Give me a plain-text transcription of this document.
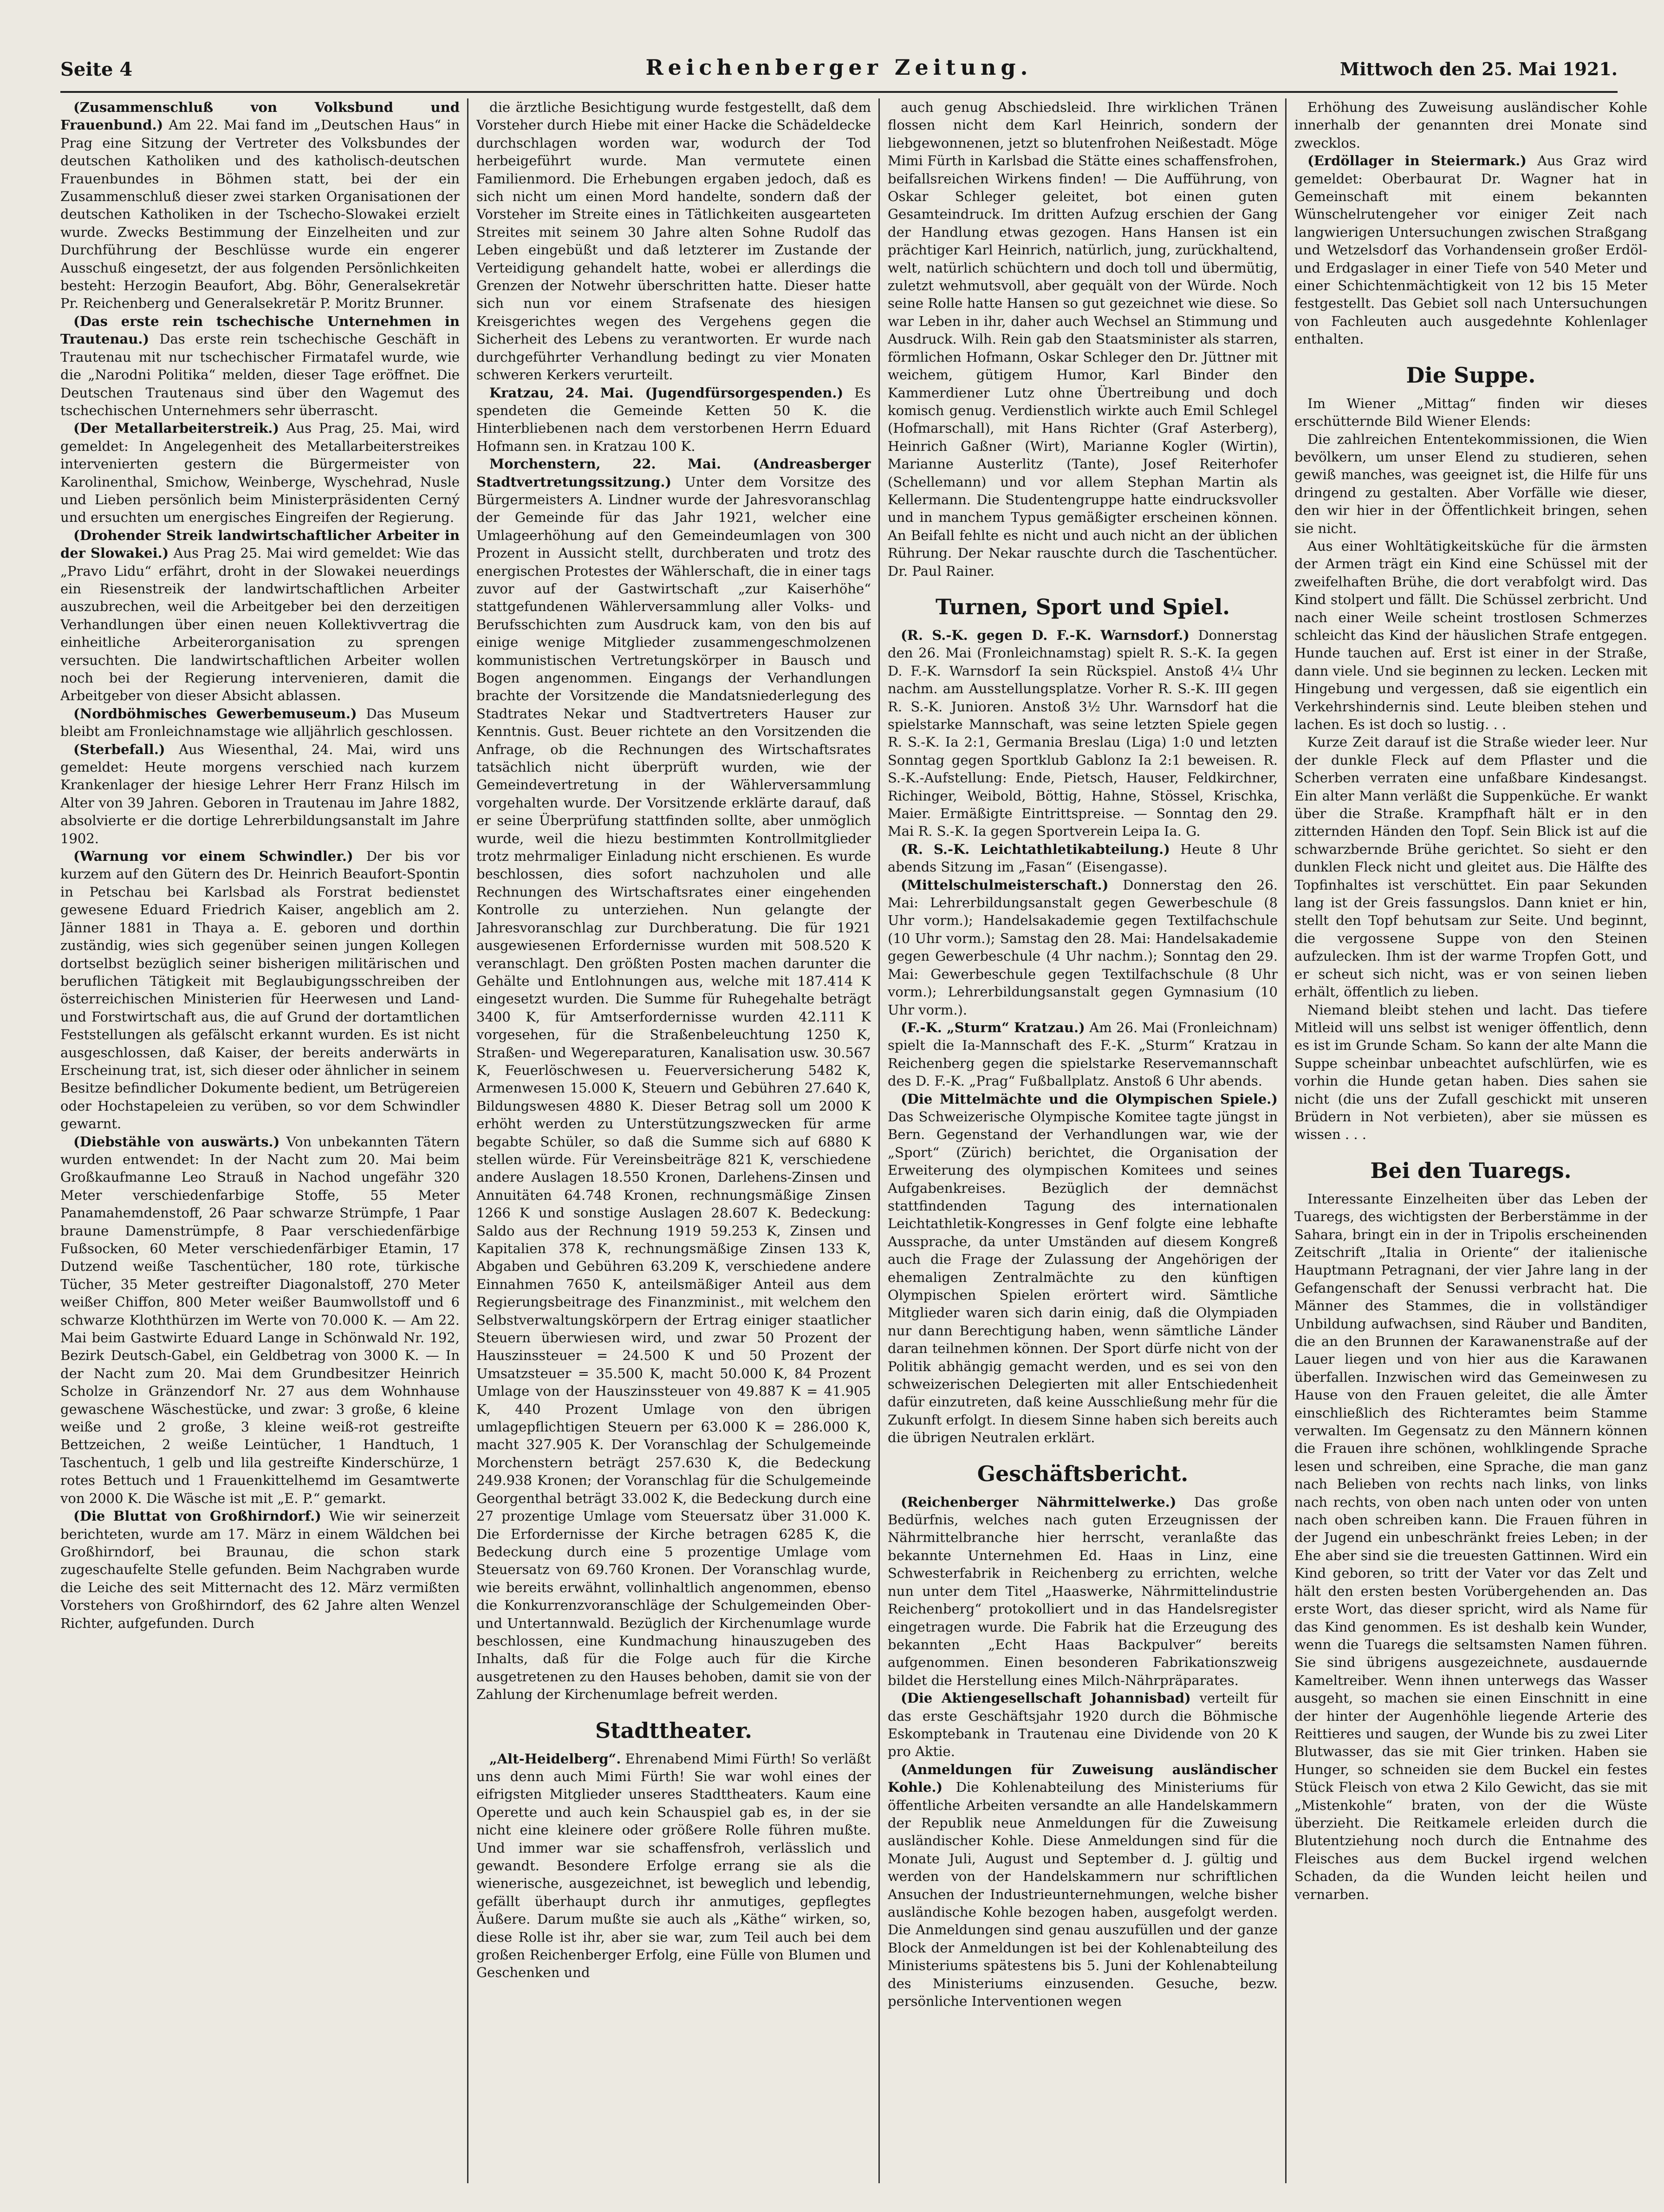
Seite 4	Reichenberger Zeitung.	Mittwoch den 25. Mai 1921.

(Zusammenschluß von Volksbund und Frauenbund.) Am 22. Mai fand im „Deutschen Haus“ in Prag eine Sitzung der Vertreter des Volksbundes der deutschen Katholiken und des katholisch-deutschen Frauenbundes in Böhmen statt, bei der ein Zusammenschluß dieser zwei starken Organisationen der deutschen Katholiken in der Tschecho-Slowakei erzielt wurde. Zwecks Bestimmung der Einzelheiten und zur Durchführung der Beschlüsse wurde ein engerer Ausschuß eingesetzt, der aus folgenden Persönlichkeiten besteht: Herzogin Beaufort, Abg. Böhr, Generalsekretär Pr. Reichenberg und Generalsekretär P. Moritz Brunner.

(Das erste rein tschechische Unternehmen in Trautenau.) Das erste rein tschechische Geschäft in Trautenau mit nur tschechischer Firmatafel wurde, wie die „Narodni Politika“ melden, dieser Tage eröffnet. Die Deutschen Trautenaus sind über den Wagemut des tschechischen Unternehmers sehr überrascht.

(Der Metallarbeiterstreik.) Aus Prag, 25. Mai, wird gemeldet: In Angelegenheit des Metallarbeiterstreikes intervenierten gestern die Bürgermeister von Karolinenthal, Smichow, Weinberge, Wyschehrad, Nusle und Lieben persönlich beim Ministerpräsidenten Cerný und ersuchten um energisches Eingreifen der Regierung.

(Drohender Streik landwirtschaftlicher Arbeiter in der Slowakei.) Aus Prag 25. Mai wird gemeldet: Wie das „Pravo Lidu“ erfährt, droht in der Slowakei neuerdings ein Riesenstreik der landwirtschaftlichen Arbeiter auszubrechen, weil die Arbeitgeber bei den derzeitigen Verhandlungen über einen neuen Kollektivvertrag die einheitliche Arbeiterorganisation zu sprengen versuchten. Die landwirtschaftlichen Arbeiter wollen noch bei der Regierung intervenieren, damit die Arbeitgeber von dieser Absicht ablassen.

(Nordböhmisches Gewerbemuseum.) Das Museum bleibt am Fronleichnamstage wie alljährlich geschlossen.

(Sterbefall.) Aus Wiesenthal, 24. Mai, wird uns gemeldet: Heute morgens verschied nach kurzem Krankenlager der hiesige Lehrer Herr Franz Hilsch im Alter von 39 Jahren. Geboren in Trautenau im Jahre 1882, absolvierte er die dortige Lehrerbildungsanstalt im Jahre 1902.

(Warnung vor einem Schwindler.) Der bis vor kurzem auf den Gütern des Dr. Heinrich Beaufort-Spontin in Petschau bei Karlsbad als Forstrat bedienstet gewesene Eduard Friedrich Kaiser, angeblich am 2. Jänner 1881 in Thaya a. E. geboren und dorthin zuständig, wies sich gegenüber seinen jungen Kollegen dortselbst bezüglich seiner bisherigen militärischen und beruflichen Tätigkeit mit Beglaubigungsschreiben der österreichischen Ministerien für Heerwesen und Land- und Forstwirtschaft aus, die auf Grund der dortamtlichen Feststellungen als gefälscht erkannt wurden. Es ist nicht ausgeschlossen, daß Kaiser, der bereits anderwärts in Erscheinung trat, ist, sich dieser oder ähnlicher in seinem Besitze befindlicher Dokumente bedient, um Betrügereien oder Hochstapeleien zu verüben, so vor dem Schwindler gewarnt.

(Diebstähle von auswärts.) Von unbekannten Tätern wurden entwendet: In der Nacht zum 20. Mai beim Großkaufmanne Leo Strauß in Nachod ungefähr 320 Meter verschiedenfarbige Stoffe, 55 Meter Panamahemdenstoff, 26 Paar schwarze Strümpfe, 1 Paar braune Damenstrümpfe, 8 Paar verschiedenfärbige Fußsocken, 60 Meter verschiedenfärbiger Etamin, 17 Dutzend weiße Taschentücher, 180 rote, türkische Tücher, 35 Meter gestreifter Diagonalstoff, 270 Meter weißer Chiffon, 800 Meter weißer Baumwollstoff und 6 schwarze Kloththürzen im Werte von 70.000 K. — Am 22. Mai beim Gastwirte Eduard Lange in Schönwald Nr. 192, Bezirk Deutsch-Gabel, ein Geldbetrag von 3000 K. — In der Nacht zum 20. Mai dem Grundbesitzer Heinrich Scholze in Gränzendorf Nr. 27 aus dem Wohnhause gewaschene Wäschestücke, und zwar: 3 große, 6 kleine weiße und 2 große, 3 kleine weiß-rot gestreifte Bettzeichen, 2 weiße Leintücher, 1 Handtuch, 1 Taschentuch, 1 gelb und lila gestreifte Kinderschürze, 1 rotes Bettuch und 1 Frauenkittelhemd im Gesamtwerte von 2000 K. Die Wäsche ist mit „E. P.“ gemarkt.

(Die Bluttat von Großhirndorf.) Wie wir seinerzeit berichteten, wurde am 17. März in einem Wäldchen bei Großhirndorf, bei Braunau, die schon stark zugeschaufelte Stelle gefunden. Beim Nachgraben wurde die Leiche des seit Mitternacht des 12. März vermißten Vorstehers von Großhirndorf, des 62 Jahre alten Wenzel Richter, aufgefunden. Durch

die ärztliche Besichtigung wurde festgestellt, daß dem Vorsteher durch Hiebe mit einer Hacke die Schädeldecke durchschlagen worden war, wodurch der Tod herbeigeführt wurde. Man vermutete einen Familienmord. Die Erhebungen ergaben jedoch, daß es sich nicht um einen Mord handelte, sondern daß der Vorsteher im Streite eines in Tätlichkeiten ausgearteten Streites mit seinem 30 Jahre alten Sohne Rudolf das Leben eingebüßt und daß letzterer im Zustande der Verteidigung gehandelt hatte, wobei er allerdings die Grenzen der Notwehr überschritten hatte. Dieser hatte sich nun vor einem Strafsenate des hiesigen Kreisgerichtes wegen des Vergehens gegen die Sicherheit des Lebens zu verantworten. Er wurde nach durchgeführter Verhandlung bedingt zu vier Monaten schweren Kerkers verurteilt.

Kratzau, 24. Mai. (Jugendfürsorgespenden.) Es spendeten die Gemeinde Ketten 50 K. die Hinterbliebenen nach dem verstorbenen Herrn Eduard Hofmann sen. in Kratzau 100 K.

Morchenstern, 22. Mai. (Andreasberger Stadtvertretungssitzung.) Unter dem Vorsitze des Bürgermeisters A. Lindner wurde der Jahresvoranschlag der Gemeinde für das Jahr 1921, welcher eine Umlageerhöhung auf den Gemeindeumlagen von 300 Prozent in Aussicht stellt, durchberaten und trotz des energischen Protestes der Wählerschaft, die in einer tags zuvor auf der Gastwirtschaft „zur Kaiserhöhe“ stattgefundenen Wählerversammlung aller Volks- und Berufsschichten zum Ausdruck kam, von den bis auf einige wenige Mitglieder zusammengeschmolzenen kommunistischen Vertretungskörper in Bausch und Bogen angenommen. Eingangs der Verhandlungen brachte der Vorsitzende die Mandatsniederlegung des Stadtrates Nekar und Stadtvertreters Hauser zur Kenntnis. Gust. Beuer richtete an den Vorsitzenden die Anfrage, ob die Rechnungen des Wirtschaftsrates tatsächlich nicht überprüft wurden, wie der Gemeindevertretung in der Wählerversammlung vorgehalten wurde. Der Vorsitzende erklärte darauf, daß er seine Überprüfung stattfinden sollte, aber unmöglich wurde, weil die hiezu bestimmten Kontrollmitglieder trotz mehrmaliger Einladung nicht erschienen. Es wurde beschlossen, dies sofort nachzuholen und alle Rechnungen des Wirtschaftsrates einer eingehenden Kontrolle zu unterziehen. Nun gelangte der Jahresvoranschlag zur Durchberatung. Die für 1921 ausgewiesenen Erfordernisse wurden mit 508.520 K veranschlagt. Den größten Posten machen darunter die Gehälte und Entlohnungen aus, welche mit 187.414 K eingesetzt wurden. Die Summe für Ruhegehalte beträgt 3400 K, für Amtserfordernisse wurden 42.111 K vorgesehen, für die Straßenbeleuchtung 1250 K, Straßen- und Wegereparaturen, Kanalisation usw. 30.567 K, Feuerlöschwesen u. Feuerversicherung 5482 K, Armenwesen 15.000 K, Steuern und Gebühren 27.640 K, Bildungswesen 4880 K. Dieser Betrag soll um 2000 K erhöht werden zu Unterstützungszwecken für arme begabte Schüler, so daß die Summe sich auf 6880 K stellen würde. Für Vereinsbeiträge 821 K, verschiedene andere Auslagen 18.550 Kronen, Darlehens-Zinsen und Annuitäten 64.748 Kronen, rechnungsmäßige Zinsen 1266 K und sonstige Auslagen 28.607 K. Bedeckung: Saldo aus der Rechnung 1919 59.253 K, Zinsen und Kapitalien 378 K, rechnungsmäßige Zinsen 133 K, Abgaben und Gebühren 63.209 K, verschiedene andere Einnahmen 7650 K, anteilsmäßiger Anteil aus dem Regierungsbeitrage des Finanzminist., mit welchem den Selbstverwaltungskörpern der Ertrag einiger staatlicher Steuern überwiesen wird, und zwar 50 Prozent der Hauszinssteuer = 24.500 K und 50 Prozent der Umsatzsteuer = 35.500 K, macht 50.000 K, 84 Prozent Umlage von der Hauszinssteuer von 49.887 K = 41.905 K, 440 Prozent Umlage von den übrigen umlagepflichtigen Steuern per 63.000 K = 286.000 K, macht 327.905 K. Der Voranschlag der Schulgemeinde Morchenstern beträgt 257.630 K, die Bedeckung 249.938 Kronen; der Voranschlag für die Schulgemeinde Georgenthal beträgt 33.002 K, die Bedeckung durch eine 27 prozentige Umlage vom Steuersatz über 31.000 K. Die Erfordernisse der Kirche betragen 6285 K, die Bedeckung durch eine 5 prozentige Umlage vom Steuersatz von 69.760 Kronen. Der Voranschlag wurde, wie bereits erwähnt, vollinhaltlich angenommen, ebenso die Konkurrenzvoranschläge der Schulgemeinden Ober- und Untertannwald. Bezüglich der Kirchenumlage wurde beschlossen, eine Kundmachung hinauszugeben des Inhalts, daß für die Folge auch für die Kirche ausgetretenen zu den Hauses behoben, damit sie von der Zahlung der Kirchenumlage befreit werden.

Stadttheater.

„Alt-Heidelberg“. Ehrenabend Mimi Fürth! So verläßt uns denn auch Mimi Fürth! Sie war wohl eines der eifrigsten Mitglieder unseres Stadttheaters. Kaum eine Operette und auch kein Schauspiel gab es, in der sie nicht eine kleinere oder größere Rolle führen mußte. Und immer war sie schaffensfroh, verlässlich und gewandt. Besondere Erfolge errang sie als die wienerische, ausgezeichnet, ist beweglich und lebendig, gefällt überhaupt durch ihr anmutiges, gepflegtes Äußere. Darum mußte sie auch als „Käthe“ wirken, so, diese Rolle ist ihr, aber sie war, zum Teil auch bei dem großen Reichenberger Erfolg, eine Fülle von Blumen und Geschenken und

auch genug Abschiedsleid. Ihre wirklichen Tränen flossen nicht dem Karl Heinrich, sondern der liebgewonnenen, jetzt so blutenfrohen Neißestadt. Möge Mimi Fürth in Karlsbad die Stätte eines schaffensfrohen, beifallsreichen Wirkens finden! — Die Aufführung, von Oskar Schleger geleitet, bot einen guten Gesamteindruck. Im dritten Aufzug erschien der Gang der Handlung etwas gezogen. Hans Hansen ist ein prächtiger Karl Heinrich, natürlich, jung, zurückhaltend, welt, natürlich schüchtern und doch toll und übermütig, zuletzt wehmutsvoll, aber gequält von der Würde. Noch seine Rolle hatte Hansen so gut gezeichnet wie diese. So war Leben in ihr, daher auch Wechsel an Stimmung und Ausdruck. Wilh. Rein gab den Staatsminister als starren, förmlichen Hofmann, Oskar Schleger den Dr. Jüttner mit weichem, gütigem Humor, Karl Binder den Kammerdiener Lutz ohne Übertreibung und doch komisch genug. Verdienstlich wirkte auch Emil Schlegel (Hofmarschall), mit Hans Richter (Graf Asterberg), Heinrich Gaßner (Wirt), Marianne Kogler (Wirtin), Marianne Austerlitz (Tante), Josef Reiterhofer (Schellemann) und vor allem Stephan Martin als Kellermann. Die Studentengruppe hatte eindrucksvoller und in manchem Typus gemäßigter erscheinen können. An Beifall fehlte es nicht und auch nicht an der üblichen Rührung. Der Nekar rauschte durch die Taschentücher. Dr. Paul Rainer.

Turnen, Sport und Spiel.

(R. S.-K. gegen D. F.-K. Warnsdorf.) Donnerstag den 26. Mai (Fronleichnamstag) spielt R. S.-K. Ia gegen D. F.-K. Warnsdorf Ia sein Rückspiel. Anstoß 4¼ Uhr nachm. am Ausstellungsplatze. Vorher R. S.-K. III gegen R. S.-K. Junioren. Anstoß 3½ Uhr. Warnsdorf hat die spielstarke Mannschaft, was seine letzten Spiele gegen R. S.-K. Ia 2:1, Germania Breslau (Liga) 1:0 und letzten Sonntag gegen Sportklub Gablonz Ia 2:1 beweisen. R. S.-K.-Aufstellung: Ende, Pietsch, Hauser, Feldkirchner, Richinger, Weibold, Böttig, Hahne, Stössel, Krischka, Maier. Ermäßigte Eintrittspreise. — Sonntag den 29. Mai R. S.-K. Ia gegen Sportverein Leipa Ia. G.

(R. S.-K. Leichtathletikabteilung.) Heute 8 Uhr abends Sitzung im „Fasan“ (Eisengasse).

(Mittelschulmeisterschaft.) Donnerstag den 26. Mai: Lehrerbildungsanstalt gegen Gewerbeschule (8 Uhr vorm.); Handelsakademie gegen Textilfachschule (10 Uhr vorm.); Samstag den 28. Mai: Handelsakademie gegen Gewerbeschule (4 Uhr nachm.); Sonntag den 29. Mai: Gewerbeschule gegen Textilfachschule (8 Uhr vorm.); Lehrerbildungsanstalt gegen Gymnasium (10 Uhr vorm.).

(F.-K. „Sturm“ Kratzau.) Am 26. Mai (Fronleichnam) spielt die Ia-Mannschaft des F.-K. „Sturm“ Kratzau in Reichenberg gegen die spielstarke Reservemannschaft des D. F.-K. „Prag“ Fußballplatz. Anstoß 6 Uhr abends.

(Die Mittelmächte und die Olympischen Spiele.) Das Schweizerische Olympische Komitee tagte jüngst in Bern. Gegenstand der Verhandlungen war, wie der „Sport“ (Zürich) berichtet, die Organisation der Erweiterung des olympischen Komitees und seines Aufgabenkreises. Bezüglich der demnächst stattfindenden Tagung des internationalen Leichtathletik-Kongresses in Genf folgte eine lebhafte Aussprache, da unter Umständen auf diesem Kongreß auch die Frage der Zulassung der Angehörigen der ehemaligen Zentralmächte zu den künftigen Olympischen Spielen erörtert wird. Sämtliche Mitglieder waren sich darin einig, daß die Olympiaden nur dann Berechtigung haben, wenn sämtliche Länder daran teilnehmen können. Der Sport dürfe nicht von der Politik abhängig gemacht werden, und es sei von den schweizerischen Delegierten mit aller Entschiedenheit dafür einzutreten, daß keine Ausschließung mehr für die Zukunft erfolgt. In diesem Sinne haben sich bereits auch die übrigen Neutralen erklärt.

Geschäftsbericht.

(Reichenberger Nährmittelwerke.) Das große Bedürfnis, welches nach guten Erzeugnissen der Nährmittelbranche hier herrscht, veranlaßte das bekannte Unternehmen Ed. Haas in Linz, eine Schwesterfabrik in Reichenberg zu errichten, welche nun unter dem Titel „Haaswerke, Nährmittelindustrie Reichenberg“ protokolliert und in das Handelsregister eingetragen wurde. Die Fabrik hat die Erzeugung des bekannten „Echt Haas Backpulver“ bereits aufgenommen. Einen besonderen Fabrikationszweig bildet die Herstellung eines Milch-Nährpräparates.

(Die Aktiengesellschaft Johannisbad) verteilt für das erste Geschäftsjahr 1920 durch die Böhmische Eskomptebank in Trautenau eine Dividende von 20 K pro Aktie.

(Anmeldungen für Zuweisung ausländischer Kohle.) Die Kohlenabteilung des Ministeriums für öffentliche Arbeiten versandte an alle Handelskammern der Republik neue Anmeldungen für die Zuweisung ausländischer Kohle. Diese Anmeldungen sind für die Monate Juli, August und September d. J. gültig und werden von der Handelskammern nur schriftlichen Ansuchen der Industrieunternehmungen, welche bisher ausländische Kohle bezogen haben, ausgefolgt werden. Die Anmeldungen sind genau auszufüllen und der ganze Block der Anmeldungen ist bei der Kohlenabteilung des Ministeriums spätestens bis 5. Juni der Kohlenabteilung des Ministeriums einzusenden. Gesuche, bezw. persönliche Interventionen wegen

Erhöhung des Zuweisung ausländischer Kohle innerhalb der genannten drei Monate sind zwecklos.

(Erdöllager in Steiermark.) Aus Graz wird gemeldet: Oberbaurat Dr. Wagner hat in Gemeinschaft mit einem bekannten Wünschelrutengeher vor einiger Zeit nach langwierigen Untersuchungen zwischen Straßgang und Wetzelsdorf das Vorhandensein großer Erdöl- und Erdgaslager in einer Tiefe von 540 Meter und einer Schichtenmächtigkeit von 12 bis 15 Meter festgestellt. Das Gebiet soll nach Untersuchungen von Fachleuten auch ausgedehnte Kohlenlager enthalten.

Die Suppe.

Im Wiener „Mittag“ finden wir dieses erschütternde Bild Wiener Elends:

Die zahlreichen Ententekommissionen, die Wien bevölkern, um unser Elend zu studieren, sehen gewiß manches, was geeignet ist, die Hilfe für uns dringend zu gestalten. Aber Vorfälle wie dieser, den wir hier in der Öffentlichkeit bringen, sehen sie nicht.

Aus einer Wohltätigkeitsküche für die ärmsten der Armen trägt ein Kind eine Schüssel mit der zweifelhaften Brühe, die dort verabfolgt wird. Das Kind stolpert und fällt. Die Schüssel zerbricht. Und nach einer Weile scheint trostlosen Schmerzes schleicht das Kind der häuslichen Strafe entgegen. Hunde tauchen auf. Erst ist einer in der Straße, dann viele. Und sie beginnen zu lecken. Lecken mit Hingebung und vergessen, daß sie eigentlich ein Verkehrshindernis sind. Leute bleiben stehen und lachen. Es ist doch so lustig. . .

Kurze Zeit darauf ist die Straße wieder leer. Nur der dunkle Fleck auf dem Pflaster und die Scherben verraten eine unfaßbare Kindesangst. Ein alter Mann verläßt die Suppenküche. Er wankt über die Straße. Krampfhaft hält er in den zitternden Händen den Topf. Sein Blick ist auf die schwarzbernde Brühe gerichtet. So sieht er den dunklen Fleck nicht und gleitet aus. Die Hälfte des Topfinhaltes ist verschüttet. Ein paar Sekunden lang ist der Greis fassungslos. Dann kniet er hin, stellt den Topf behutsam zur Seite. Und beginnt, die vergossene Suppe von den Steinen aufzulecken. Ihm ist der warme Tropfen Gott, und er scheut sich nicht, was er von seinen lieben erhält, öffentlich zu lieben.

Niemand bleibt stehen und lacht. Das tiefere Mitleid will uns selbst ist weniger öffentlich, denn es ist im Grunde Scham. So kann der alte Mann die Suppe scheinbar unbeachtet aufschlürfen, wie es vorhin die Hunde getan haben. Dies sahen sie nicht (die uns der Zufall geschickt mit unseren Brüdern in Not verbieten), aber sie müssen es wissen . . .

Bei den Tuaregs.

Interessante Einzelheiten über das Leben der Tuaregs, des wichtigsten der Berberstämme in der Sahara, bringt ein in der in Tripolis erscheinenden Zeitschrift „Italia in Oriente“ der italienische Hauptmann Petragnani, der vier Jahre lang in der Gefangenschaft der Senussi verbracht hat. Die Männer des Stammes, die in vollständiger Unbildung aufwachsen, sind Räuber und Banditen, die an den Brunnen der Karawanenstraße auf der Lauer liegen und von hier aus die Karawanen überfallen. Inzwischen wird das Gemeinwesen zu Hause von den Frauen geleitet, die alle Ämter einschließlich des Richteramtes beim Stamme verwalten. Im Gegensatz zu den Männern können die Frauen ihre schönen, wohlklingende Sprache lesen und schreiben, eine Sprache, die man ganz nach Belieben von rechts nach links, von links nach rechts, von oben nach unten oder von unten nach oben schreiben kann. Die Frauen führen in der Jugend ein unbeschränkt freies Leben; in der Ehe aber sind sie die treuesten Gattinnen. Wird ein Kind geboren, so tritt der Vater vor das Zelt und hält den ersten besten Vorübergehenden an. Das erste Wort, das dieser spricht, wird als Name für das Kind genommen. Es ist deshalb kein Wunder, wenn die Tuaregs die seltsamsten Namen führen. Sie sind übrigens ausgezeichnete, ausdauernde Kameltreiber. Wenn ihnen unterwegs das Wasser ausgeht, so machen sie einen Einschnitt in eine der hinter der Augenhöhle liegende Arterie des Reittieres und saugen, der Wunde bis zu zwei Liter Blutwasser, das sie mit Gier trinken. Haben sie Hunger, so schneiden sie dem Buckel ein festes Stück Fleisch von etwa 2 Kilo Gewicht, das sie mit „Mistenkohle“ braten, von der die Wüste überzieht. Die Reitkamele erleiden durch die Blutentziehung noch durch die Entnahme des Fleisches aus dem Buckel irgend welchen Schaden, da die Wunden leicht heilen und vernarben.
